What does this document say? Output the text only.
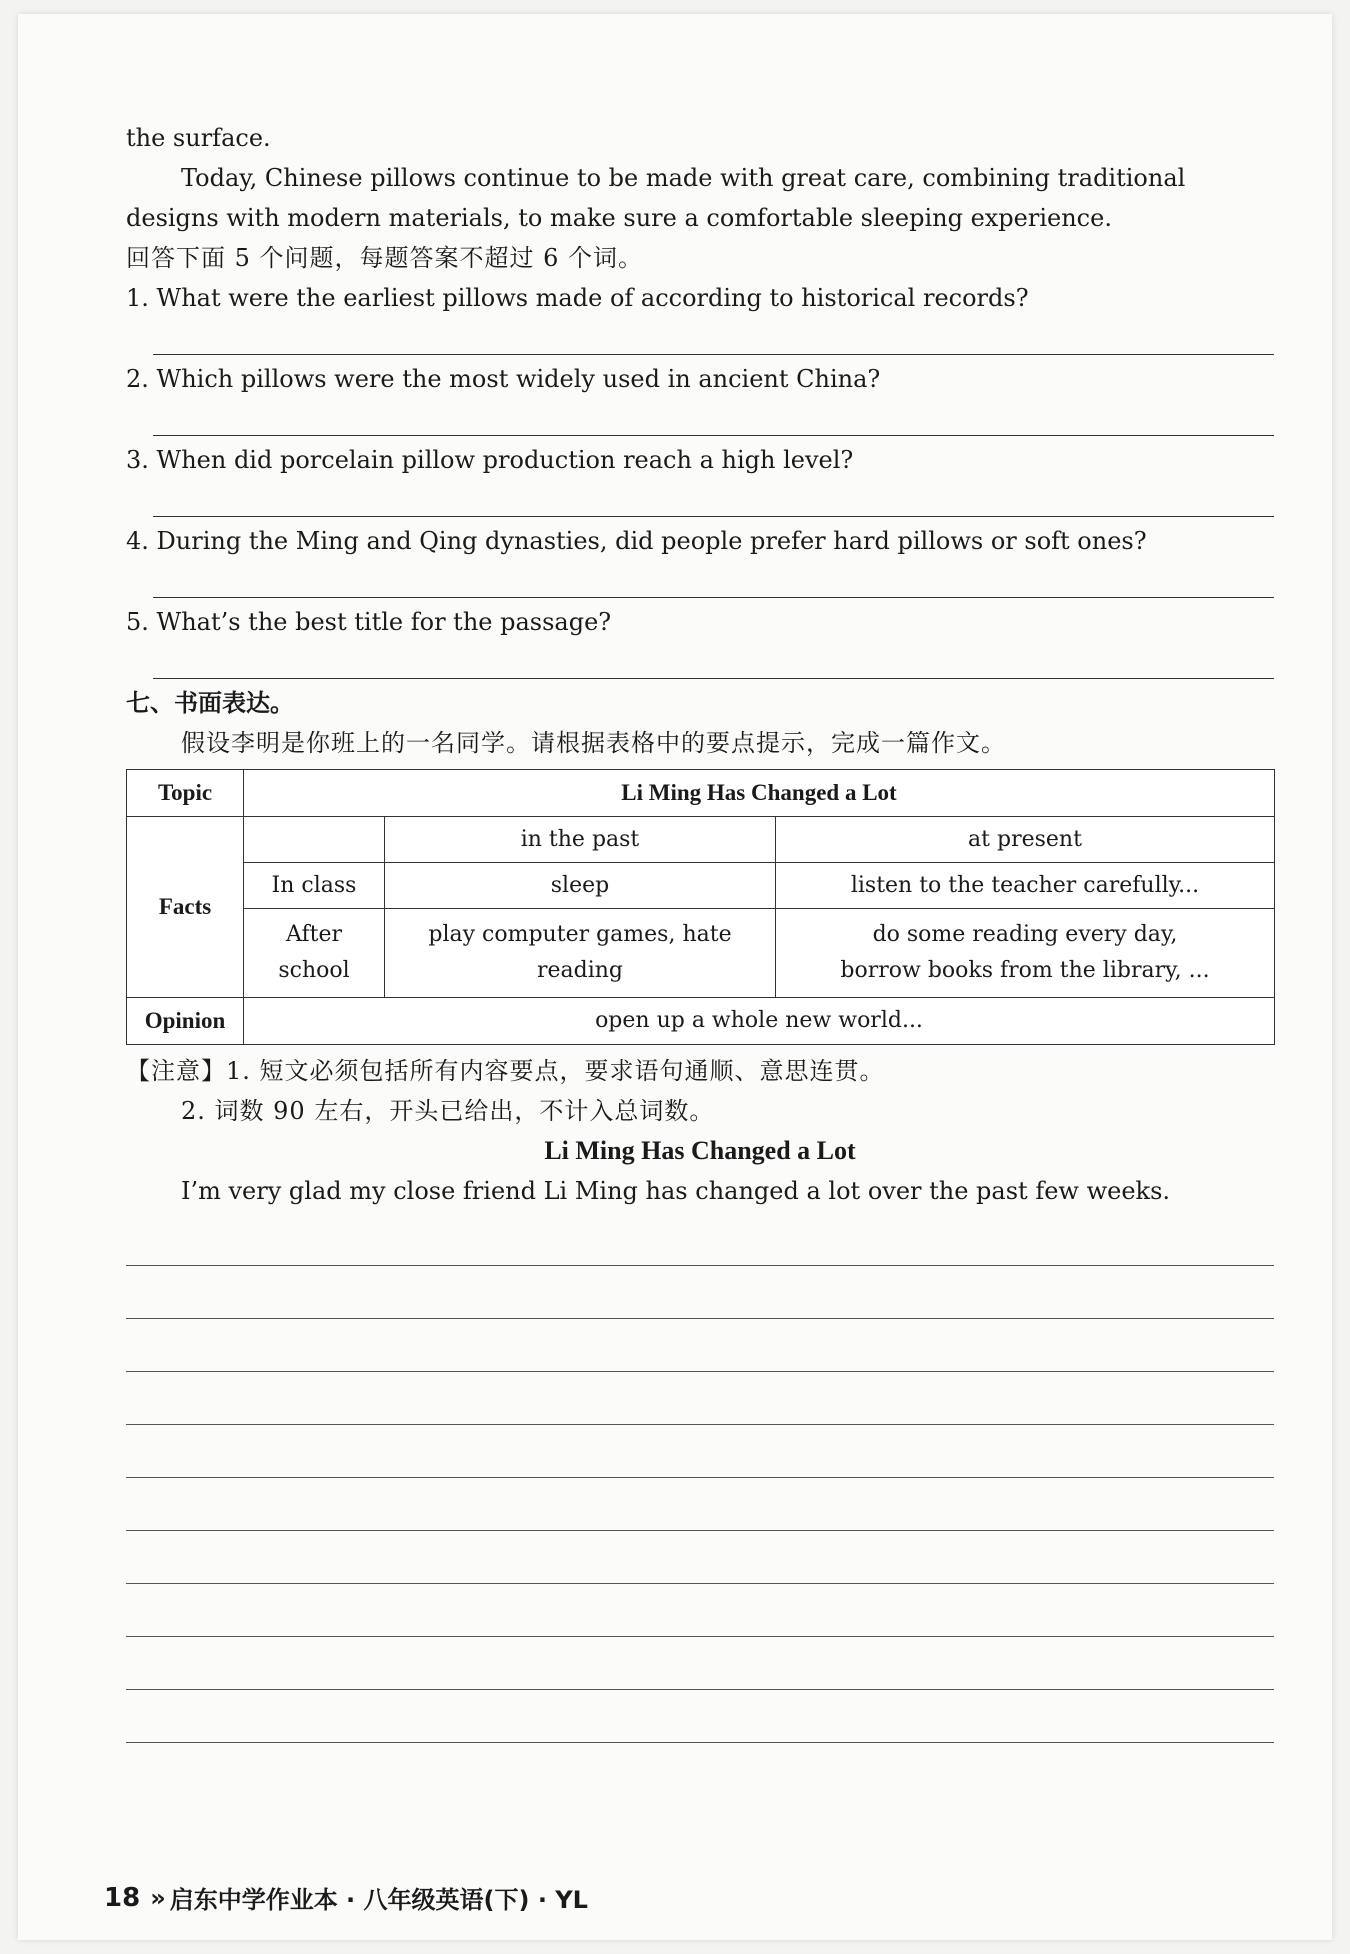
the surface.

Today, Chinese pillows continue to be made with great care, combining traditional designs with modern materials, to make sure a comfortable sleeping experience.

回答下面 5 个问题，每题答案不超过 6 个词。

1. What were the earliest pillows made of according to historical records?

2. Which pillows were the most widely used in ancient China?

3. When did porcelain pillow production reach a high level?

4. During the Ming and Qing dynasties, did people prefer hard pillows or soft ones?

5. What’s the best title for the passage?

七、书面表达。

假设李明是你班上的一名同学。请根据表格中的要点提示，完成一篇作文。

Topic	Li Ming Has Changed a Lot		
Facts		in the past	at present
	In class	sleep	listen to the teacher carefully...
	After school	play computer games, hate reading	do some reading every day,
borrow books from the library, ...

Opinion	open up a whole new world...		

【注意】1. 短文必须包括所有内容要点，要求语句通顺、意思连贯。

2. 词数 90 左右，开头已给出，不计入总词数。

Li Ming Has Changed a Lot

I’m very glad my close friend Li Ming has changed a lot over the past few weeks.

18 » 启东中学作业本 · 八年级英语(下) · YL
